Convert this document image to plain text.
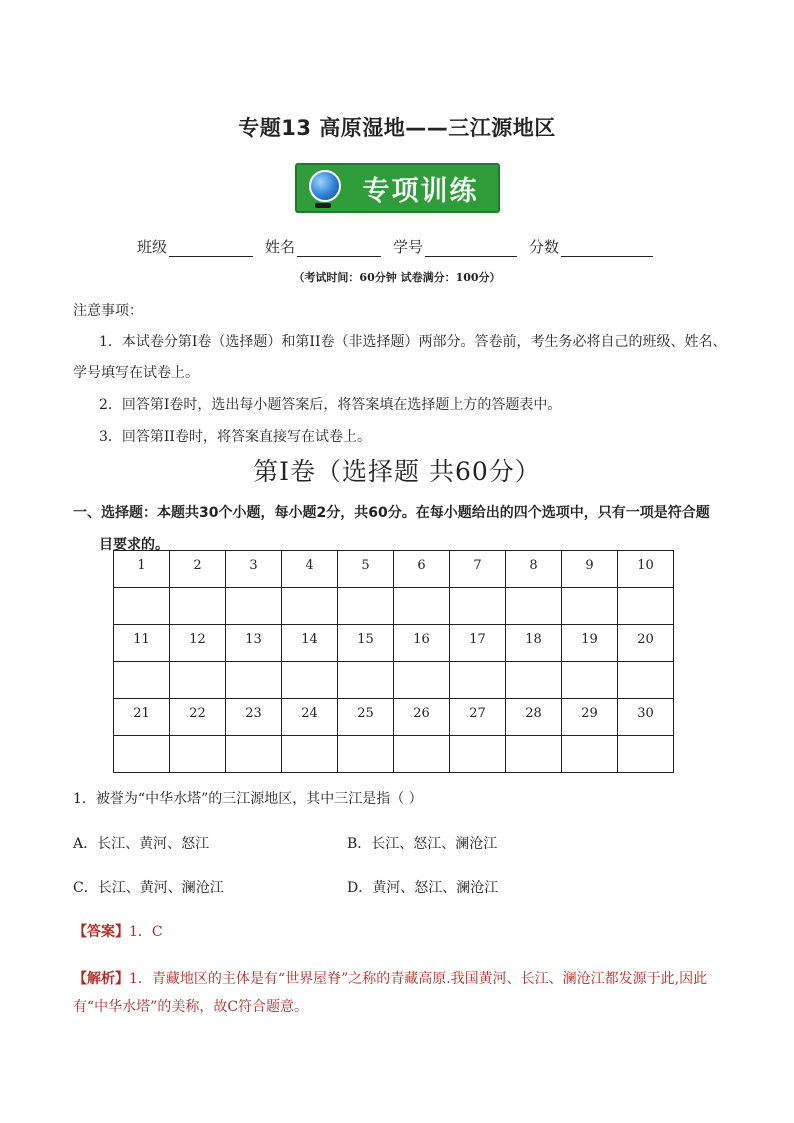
专题13 高原湿地——三江源地区
专项训练
班级	姓名	学号	分数
（考试时间：60分钟 试卷满分：100分）
注意事项：
1．本试卷分第I卷（选择题）和第II卷（非选择题）两部分。答卷前，考生务必将自己的班级、姓名、
学号填写在试卷上。
2．回答第I卷时，选出每小题答案后，将答案填在选择题上方的答题表中。
3．回答第II卷时，将答案直接写在试卷上。
第I卷（选择题 共60分）
一、选择题：本题共30个小题，每小题2分，共60分。在每小题给出的四个选项中，只有一项是符合题
目要求的。
1	2	3	4	5	6	7	8	9	10

11	12	13	14	15	16	17	18	19	20

21	22	23	24	25	26	27	28	29	30

1．被誉为“中华水塔”的三江源地区，其中三江是指（ ）
A．长江、黄河、怒江	B．长江、怒江、澜沧江
C．长江、黄河、澜沧江	D．黄河、怒江、澜沧江
【答案】1．C
【解析】1．青藏地区的主体是有“世界屋脊”之称的青藏高原.我国黄河、长江、澜沧江都发源于此,因此有“中华水塔”的美称，故C符合题意。
